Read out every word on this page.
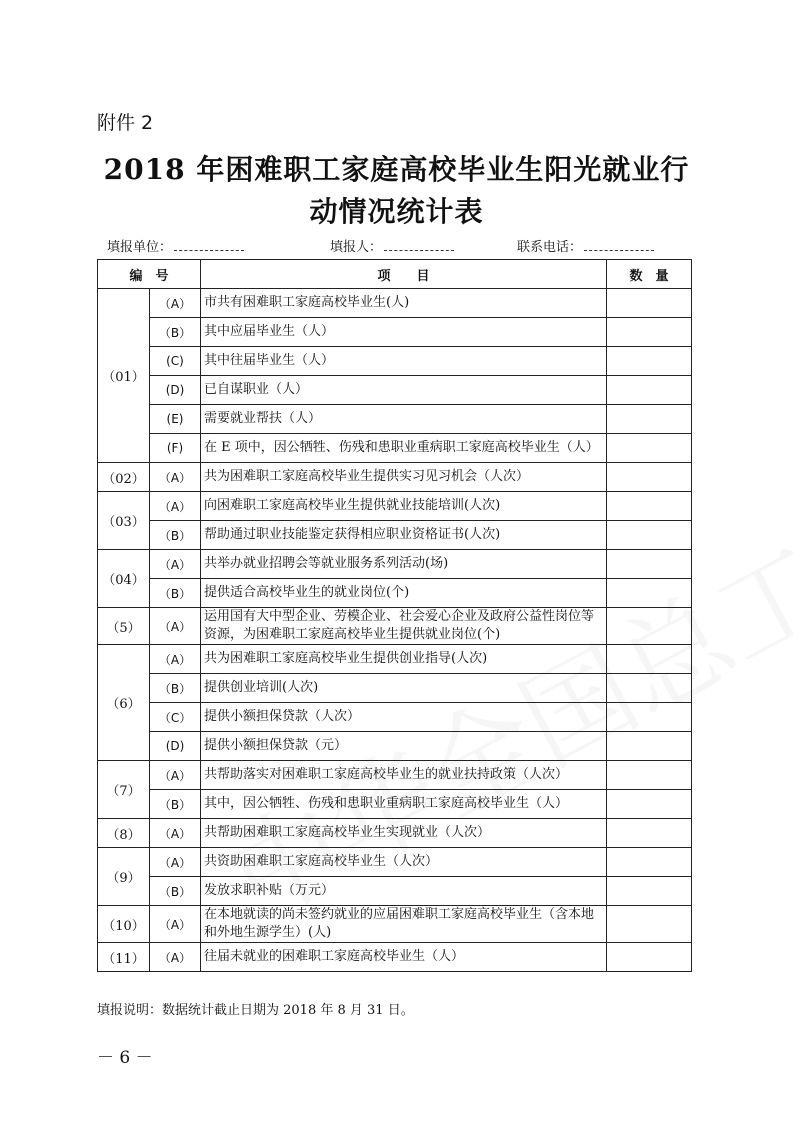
附件 2
2018 年困难职工家庭高校毕业生阳光就业行
动情况统计表
填报单位：	填报人：	联系电话：
编　号		项　　目	数　量
（01）	（A）	市共有困难职工家庭高校毕业生(人)	
	（B）	其中应届毕业生（人）	
	(C)	其中往届毕业生（人）	
	(D)	已自谋职业（人）	
	(E)	需要就业帮扶（人）	
	(F)	在 E 项中，因公牺牲、伤残和患职业重病职工家庭高校毕业生（人）	
（02）	（A）	共为困难职工家庭高校毕业生提供实习见习机会（人次）	
（03）	（A）	向困难职工家庭高校毕业生提供就业技能培训(人次)	
	（B）	帮助通过职业技能鉴定获得相应职业资格证书(人次)	
（04）	（A）	共举办就业招聘会等就业服务系列活动(场)	
	（B）	提供适合高校毕业生的就业岗位(个)	
（5）	（A）	运用国有大中型企业、劳模企业、社会爱心企业及政府公益性岗位等资源，为困难职工家庭高校毕业生提供就业岗位(个)	
（6）	（A）	共为困难职工家庭高校毕业生提供创业指导(人次)	
	（B）	提供创业培训(人次)	
	（C）	提供小额担保贷款（人次）	
	(D)	提供小额担保贷款（元）	
（7）	（A）	共帮助落实对困难职工家庭高校毕业生的就业扶持政策（人次）	
	（B）	其中，因公牺牲、伤残和患职业重病职工家庭高校毕业生（人）	
（8）	（A）	共帮助困难职工家庭高校毕业生实现就业（人次）	
（9）	（A）	共资助困难职工家庭高校毕业生（人次）	
	（B）	发放求职补贴（万元）	
（10）	（A）	在本地就读的尚未签约就业的应届困难职工家庭高校毕业生（含本地和外地生源学生）(人)	
（11）	（A）	往届未就业的困难职工家庭高校毕业生（人）	
填报说明：数据统计截止日期为 2018 年 8 月 31 日。
－ 6 －
